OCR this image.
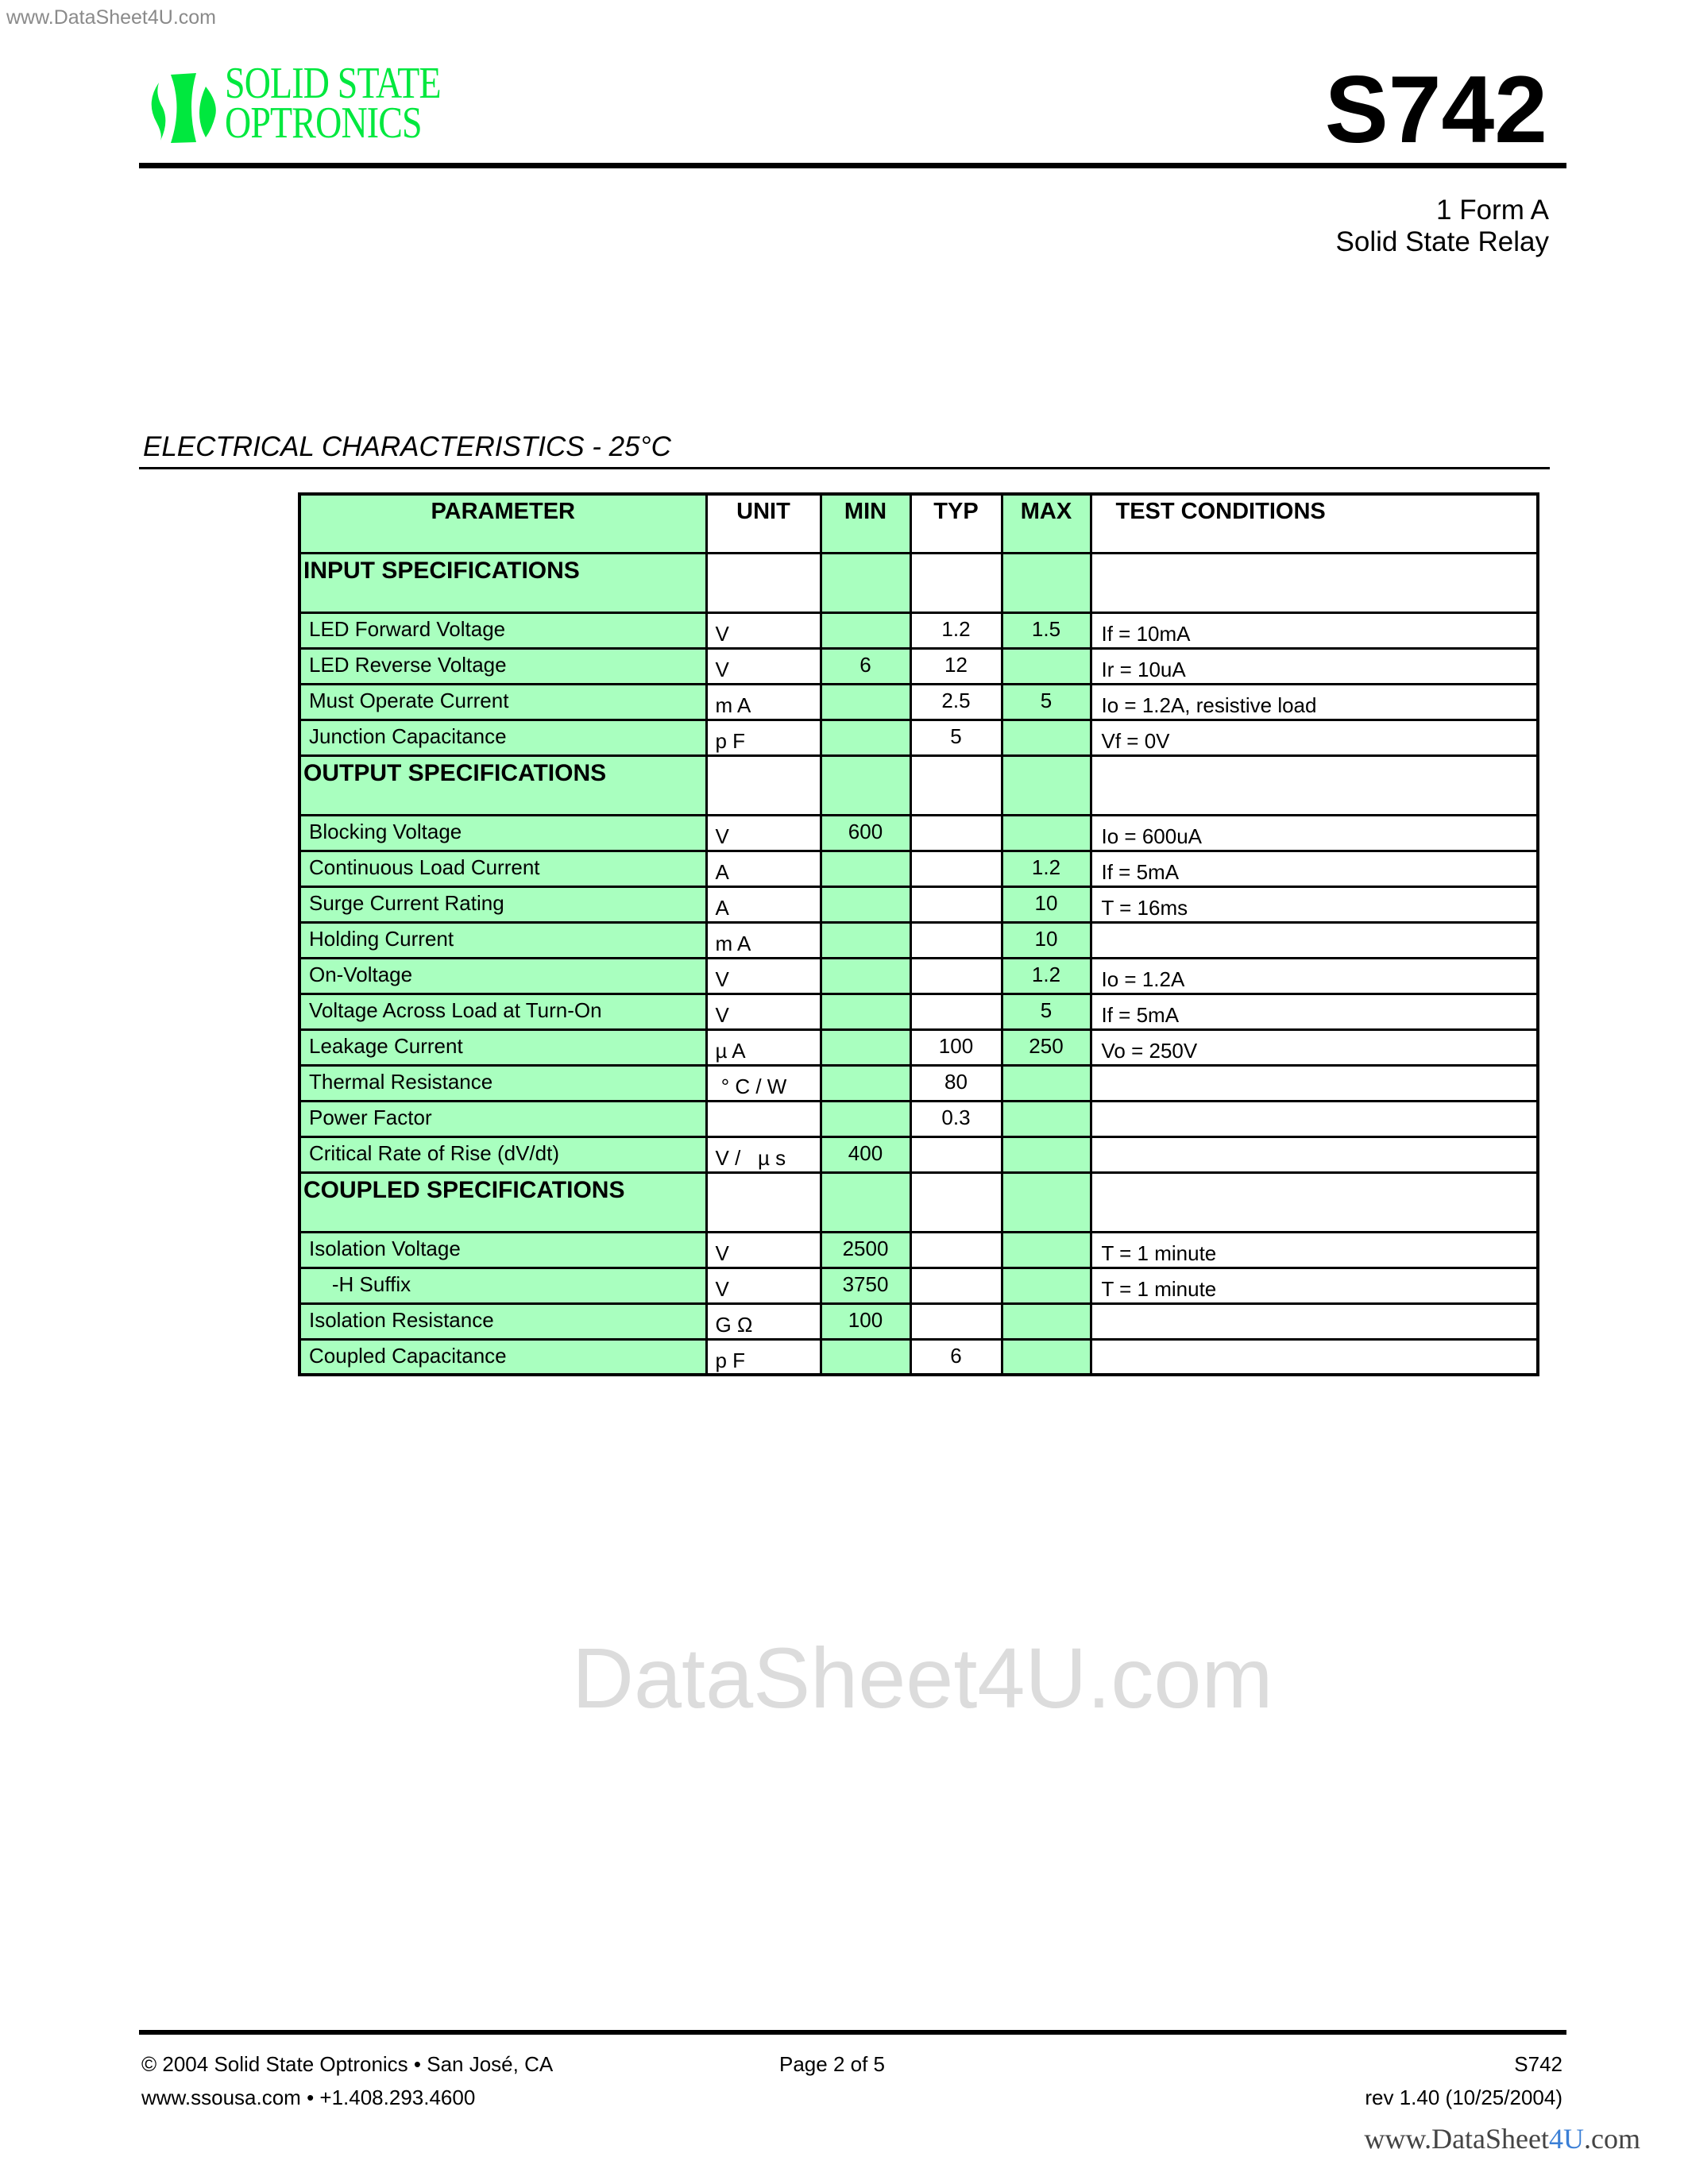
www.DataSheet4U.com
SOLID STATE
OPTRONICS	S742
1 Form A
Solid State Relay
ELECTRICAL CHARACTERISTICS - 25°C
PARAMETER	UNIT	MIN	TYP	MAX	TEST CONDITIONS
INPUT SPECIFICATIONS					
LED Forward Voltage	V		1.2	1.5	If = 10mA
LED Reverse Voltage	V	6	12		Ir = 10uA
Must Operate Current	m A		2.5	5	Io = 1.2A, resistive load
Junction Capacitance	p F		5		Vf = 0V
OUTPUT SPECIFICATIONS					
Blocking Voltage	V	600			Io = 600uA
Continuous Load Current	A			1.2	If = 5mA
Surge Current Rating	A			10	T = 16ms
Holding Current	m A			10	
On-Voltage	V			1.2	Io = 1.2A
Voltage Across Load at Turn-On	V			5	If = 5mA
Leakage Current	µ A		100	250	Vo = 250V
Thermal Resistance	° C / W		80		
Power Factor			0.3		
Critical Rate of Rise (dV/dt)	V /   µ s	400			
COUPLED SPECIFICATIONS					
Isolation Voltage	V	2500			T = 1 minute
-H Suffix	V	3750			T = 1 minute
Isolation Resistance	G Ω	100			
Coupled Capacitance	p F		6		
DataSheet4U.com
© 2004 Solid State Optronics • San José, CA
www.ssousa.com • +1.408.293.4600
Page 2 of 5	S742
rev 1.40 (10/25/2004)
www.DataSheet4U.com
